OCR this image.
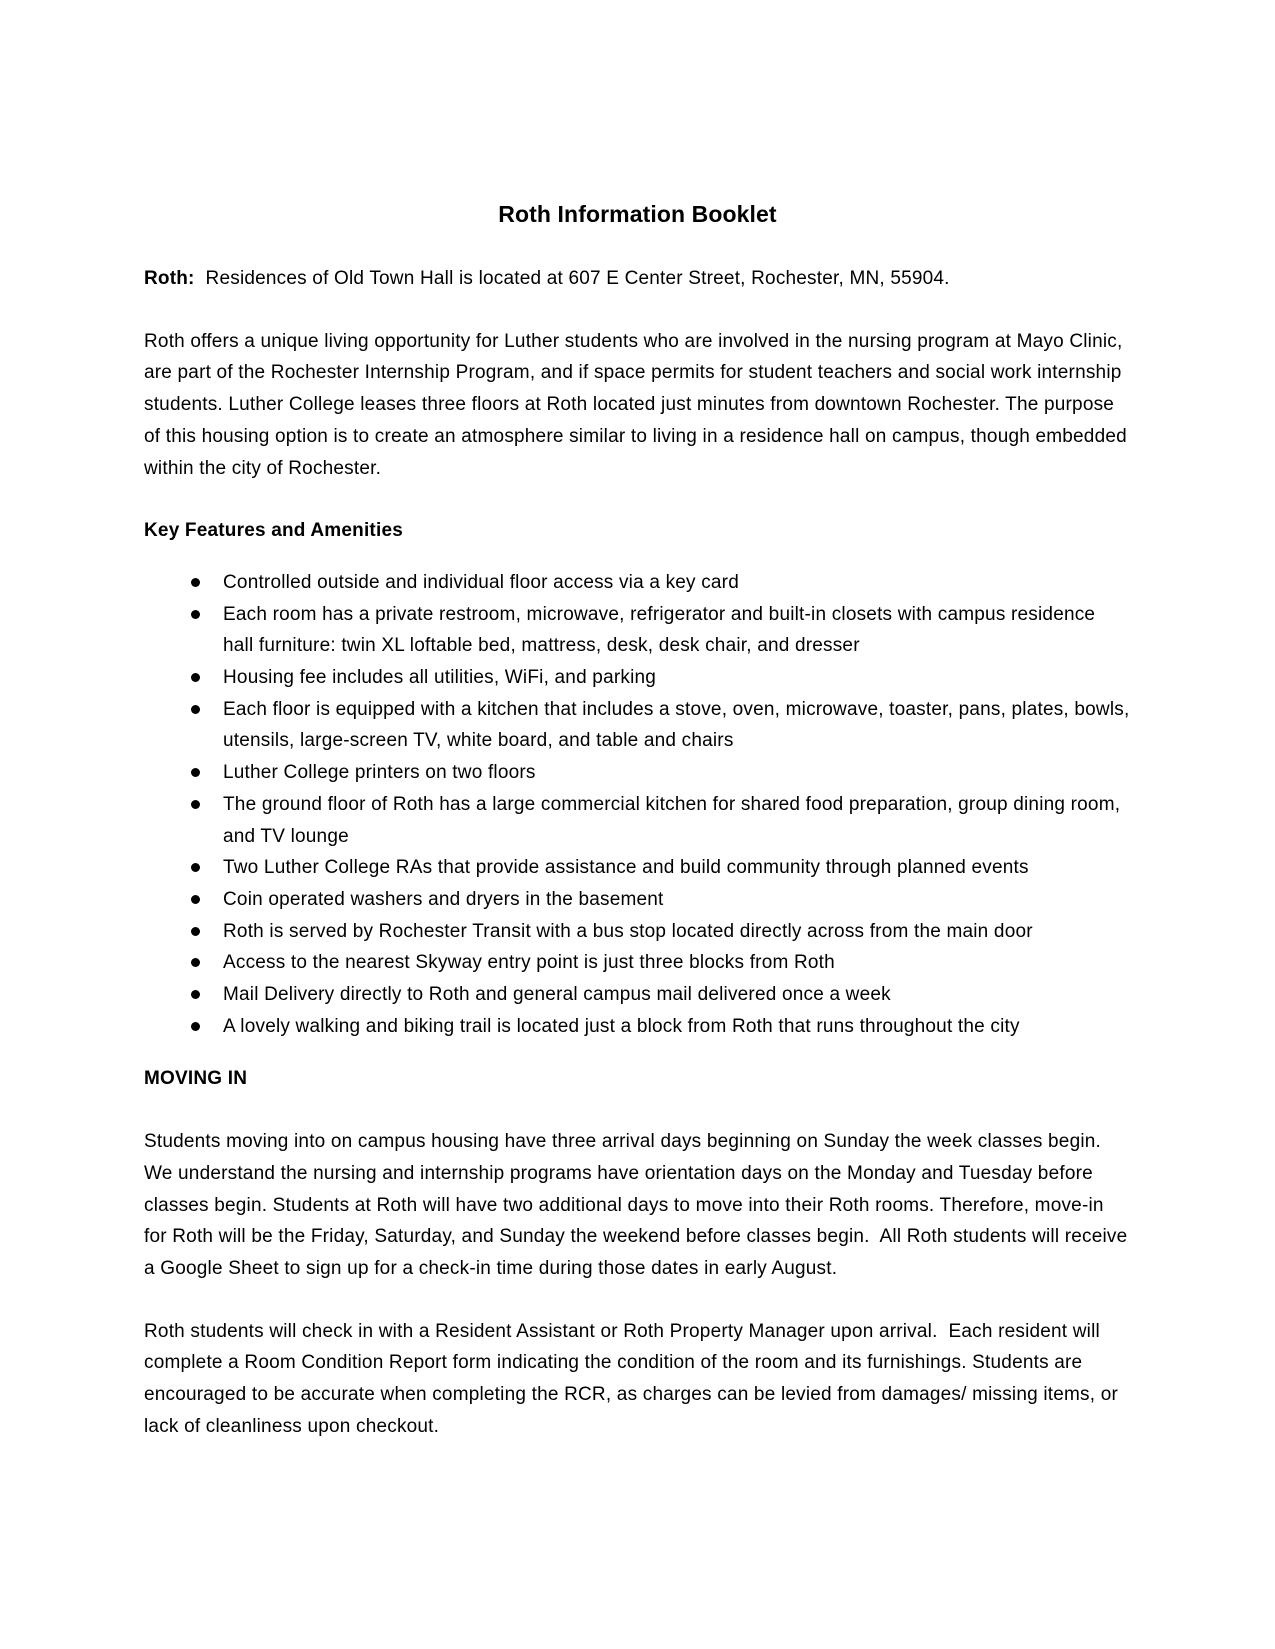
Roth Information Booklet

Roth:  Residences of Old Town Hall is located at 607 E Center Street, Rochester, MN, 55904.

Roth offers a unique living opportunity for Luther students who are involved in the nursing program at Mayo Clinic, are part of the Rochester Internship Program, and if space permits for student teachers and social work internship students. Luther College leases three floors at Roth located just minutes from downtown Rochester. The purpose of this housing option is to create an atmosphere similar to living in a residence hall on campus, though embedded within the city of Rochester.

Key Features and Amenities
Controlled outside and individual floor access via a key card
Each room has a private restroom, microwave, refrigerator and built-in closets with campus residence hall furniture: twin XL loftable bed, mattress, desk, desk chair, and dresser
Housing fee includes all utilities, WiFi, and parking
Each floor is equipped with a kitchen that includes a stove, oven, microwave, toaster, pans, plates, bowls, utensils, large-screen TV, white board, and table and chairs
Luther College printers on two floors
The ground floor of Roth has a large commercial kitchen for shared food preparation, group dining room, and TV lounge
Two Luther College RAs that provide assistance and build community through planned events
Coin operated washers and dryers in the basement
Roth is served by Rochester Transit with a bus stop located directly across from the main door
Access to the nearest Skyway entry point is just three blocks from Roth
Mail Delivery directly to Roth and general campus mail delivered once a week
A lovely walking and biking trail is located just a block from Roth that runs throughout the city
MOVING IN

Students moving into on campus housing have three arrival days beginning on Sunday the week classes begin.  We understand the nursing and internship programs have orientation days on the Monday and Tuesday before classes begin. Students at Roth will have two additional days to move into their Roth rooms. Therefore, move-in for Roth will be the Friday, Saturday, and Sunday the weekend before classes begin.  All Roth students will receive a Google Sheet to sign up for a check-in time during those dates in early August.

Roth students will check in with a Resident Assistant or Roth Property Manager upon arrival.  Each resident will complete a Room Condition Report form indicating the condition of the room and its furnishings. Students are encouraged to be accurate when completing the RCR, as charges can be levied from damages/ missing items, or lack of cleanliness upon checkout.
